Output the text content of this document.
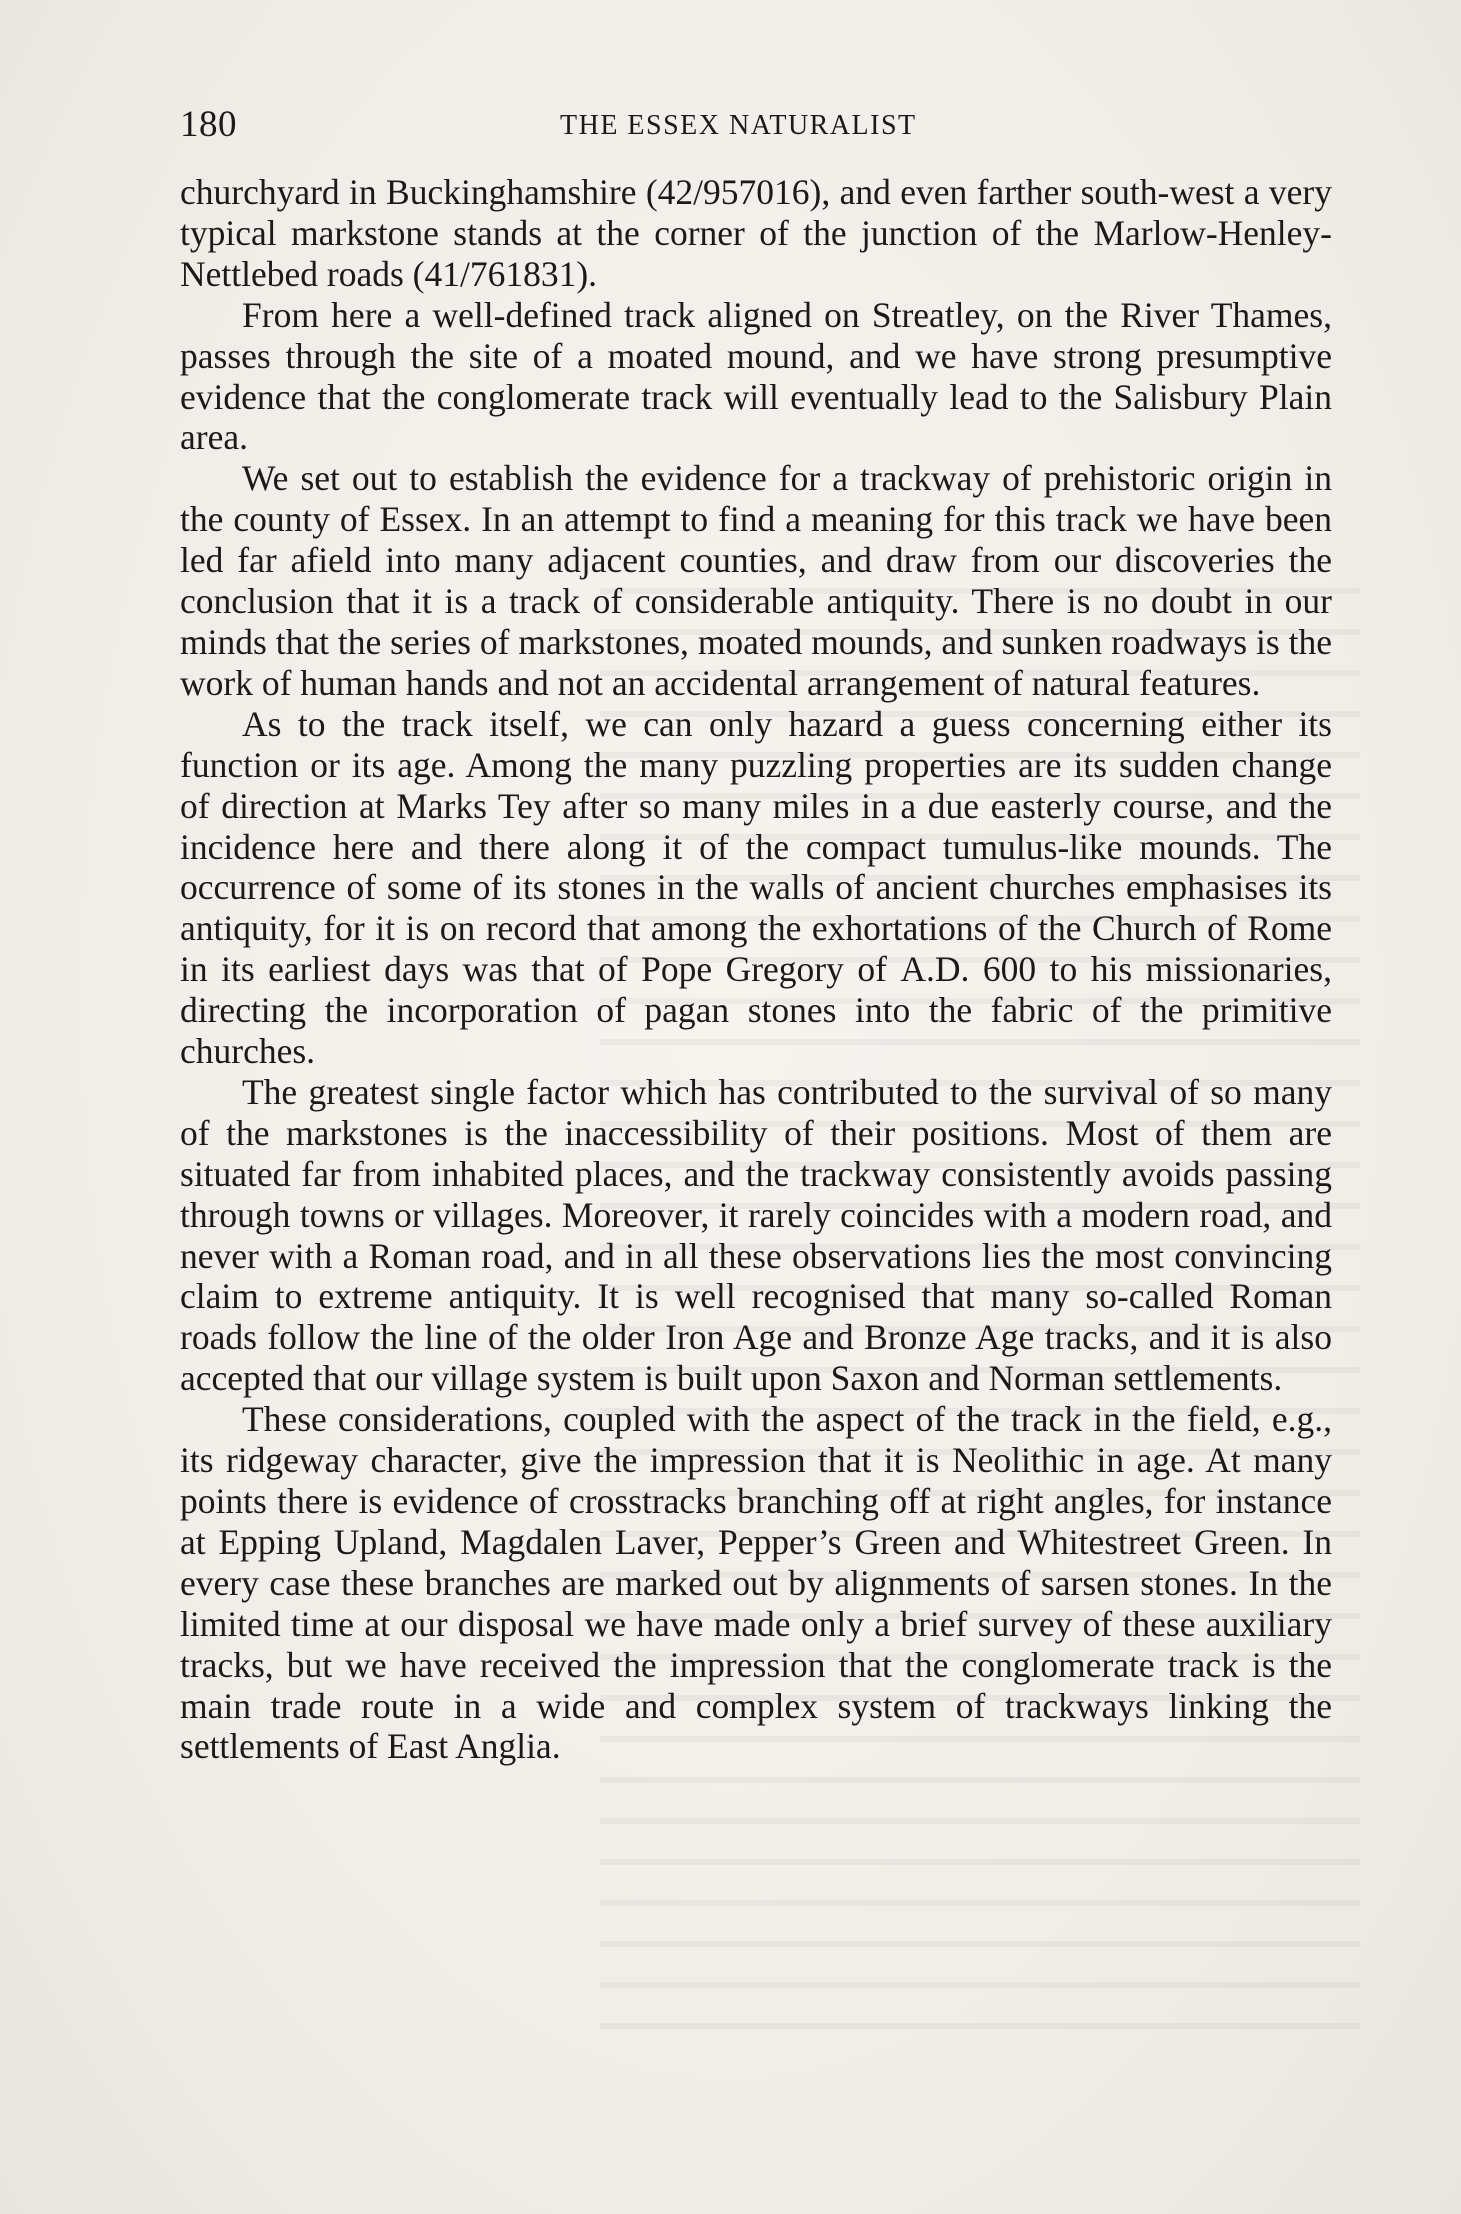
180	THE ESSEX NATURALIST

churchyard in Buckinghamshire (42/957016), and even farther south-west a very typical markstone stands at the corner of the junction of the Marlow-Henley-Nettlebed roads (41/761831).

From here a well-defined track aligned on Streatley, on the River Thames, passes through the site of a moated mound, and we have strong presumptive evidence that the conglomerate track will eventually lead to the Salisbury Plain area.

We set out to establish the evidence for a trackway of prehistoric origin in the county of Essex. In an attempt to find a meaning for this track we have been led far afield into many adjacent counties, and draw from our discoveries the conclusion that it is a track of considerable antiquity. There is no doubt in our minds that the series of markstones, moated mounds, and sunken roadways is the work of human hands and not an accidental arrangement of natural features.

As to the track itself, we can only hazard a guess concerning either its function or its age. Among the many puzzling properties are its sudden change of direction at Marks Tey after so many miles in a due easterly course, and the incidence here and there along it of the compact tumulus-like mounds. The occurrence of some of its stones in the walls of ancient churches emphasises its antiquity, for it is on record that among the exhortations of the Church of Rome in its earliest days was that of Pope Gregory of A.D. 600 to his missionaries, directing the incorporation of pagan stones into the fabric of the primitive churches.

The greatest single factor which has contributed to the survival of so many of the markstones is the inaccessibility of their positions. Most of them are situated far from inhabited places, and the trackway consistently avoids passing through towns or villages. Moreover, it rarely coincides with a modern road, and never with a Roman road, and in all these observations lies the most convincing claim to extreme antiquity. It is well recognised that many so-called Roman roads follow the line of the older Iron Age and Bronze Age tracks, and it is also accepted that our village system is built upon Saxon and Norman settlements.

These considerations, coupled with the aspect of the track in the field, e.g., its ridgeway character, give the impression that it is Neolithic in age. At many points there is evidence of crosstracks branching off at right angles, for instance at Epping Upland, Magdalen Laver, Pepper’s Green and Whitestreet Green. In every case these branches are marked out by alignments of sarsen stones. In the limited time at our disposal we have made only a brief survey of these auxiliary tracks, but we have received the impression that the conglomerate track is the main trade route in a wide and complex system of trackways linking the settlements of East Anglia.
